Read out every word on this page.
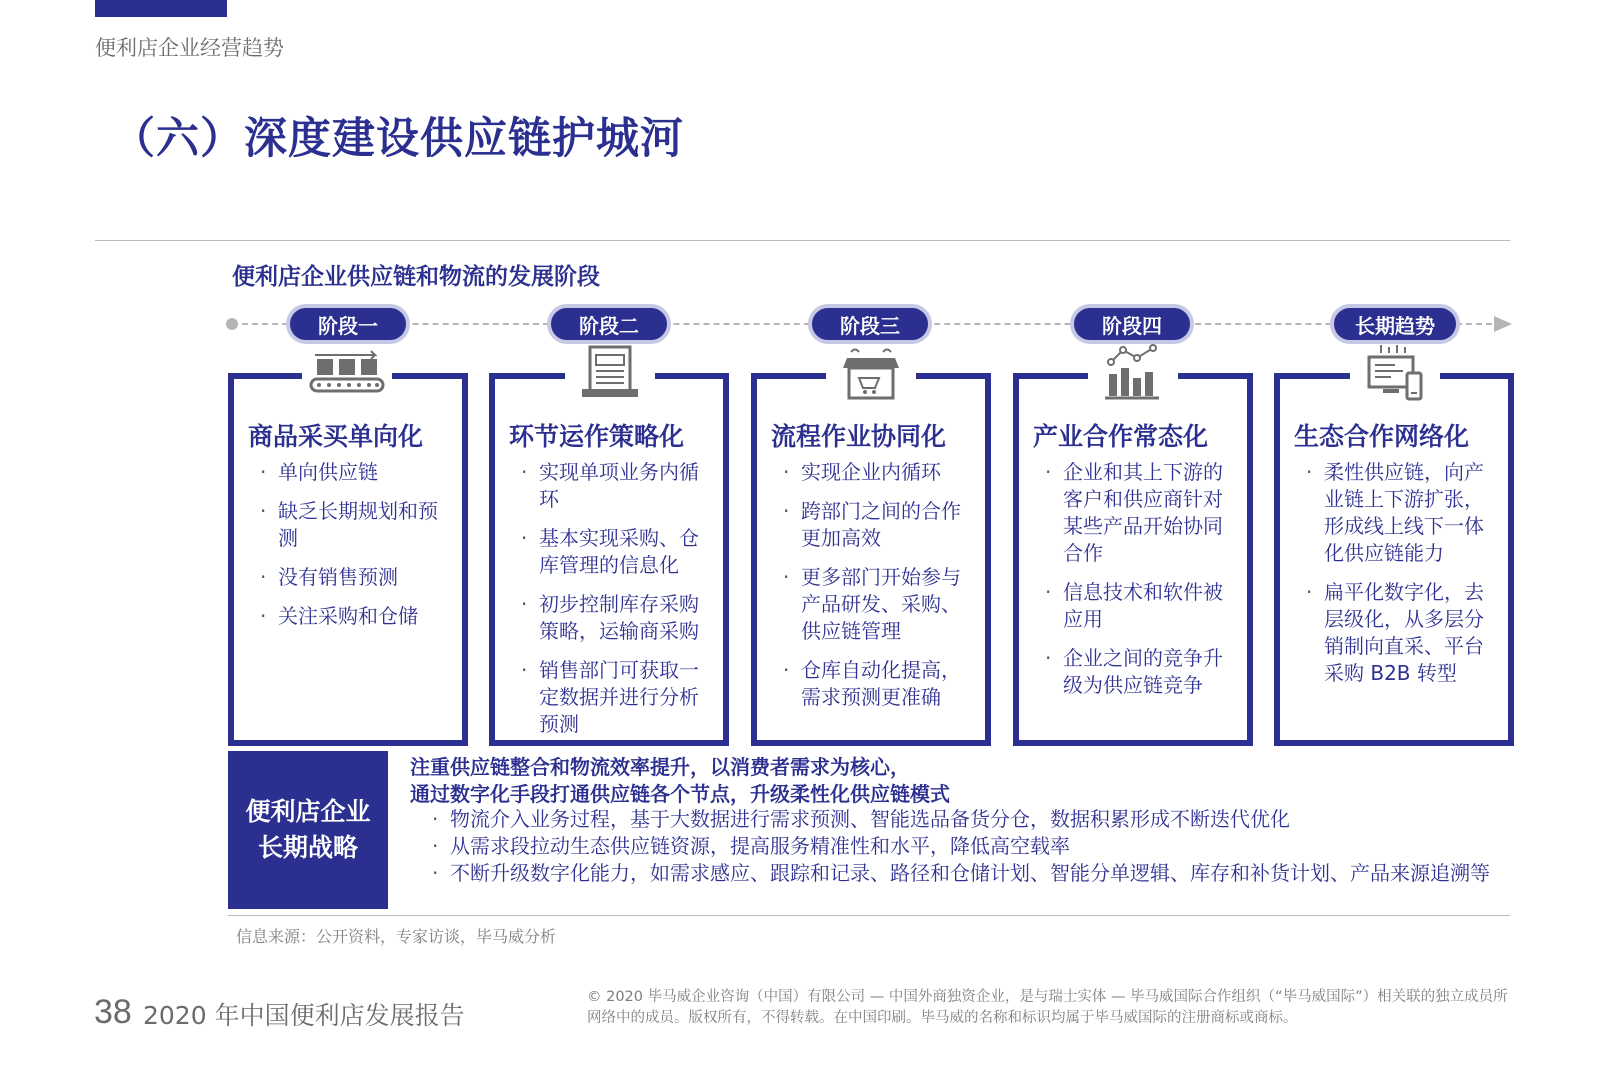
便利店企业经营趋势
（六）深度建设供应链护城河
便利店企业供应链和物流的发展阶段
商品采买单向化
· 单向供应链
· 缺乏长期规划和预测
· 没有销售预测
· 关注采购和仓储
阶段一
环节运作策略化
· 实现单项业务内循环
· 基本实现采购、仓库管理的信息化
· 初步控制库存采购策略，运输商采购
· 销售部门可获取一定数据并进行分析预测
阶段二
流程作业协同化
· 实现企业内循环
· 跨部门之间的合作更加高效
· 更多部门开始参与产品研发、采购、供应链管理
· 仓库自动化提高，需求预测更准确
阶段三
产业合作常态化
· 企业和其上下游的客户和供应商针对某些产品开始协同合作
· 信息技术和软件被应用
· 企业之间的竞争升级为供应链竞争
阶段四
生态合作网络化
· 柔性供应链，向产业链上下游扩张，形成线上线下一体化供应链能力
· 扁平化数字化，去层级化，从多层分销制向直采、平台采购 B2B 转型
长期趋势
便利店企业
长期战略
注重供应链整合和物流效率提升，以消费者需求为核心，
通过数字化手段打通供应链各个节点，升级柔性化供应链模式
· 物流介入业务过程，基于大数据进行需求预测、智能选品备货分仓，数据积累形成不断迭代优化
· 从需求段拉动生态供应链资源，提高服务精准性和水平，降低高空载率
· 不断升级数字化能力，如需求感应、跟踪和记录、路径和仓储计划、智能分单逻辑、库存和补货计划、产品来源追溯等
信息来源：公开资料，专家访谈，毕马威分析
38 2020 年中国便利店发展报告
© 2020 毕马威企业咨询（中国）有限公司 — 中国外商独资企业，是与瑞士实体 — 毕马威国际合作组织（“毕马威国际”）相关联的独立成员所网络中的成员。版权所有，不得转载。在中国印刷。毕马威的名称和标识均属于毕马威国际的注册商标或商标。
